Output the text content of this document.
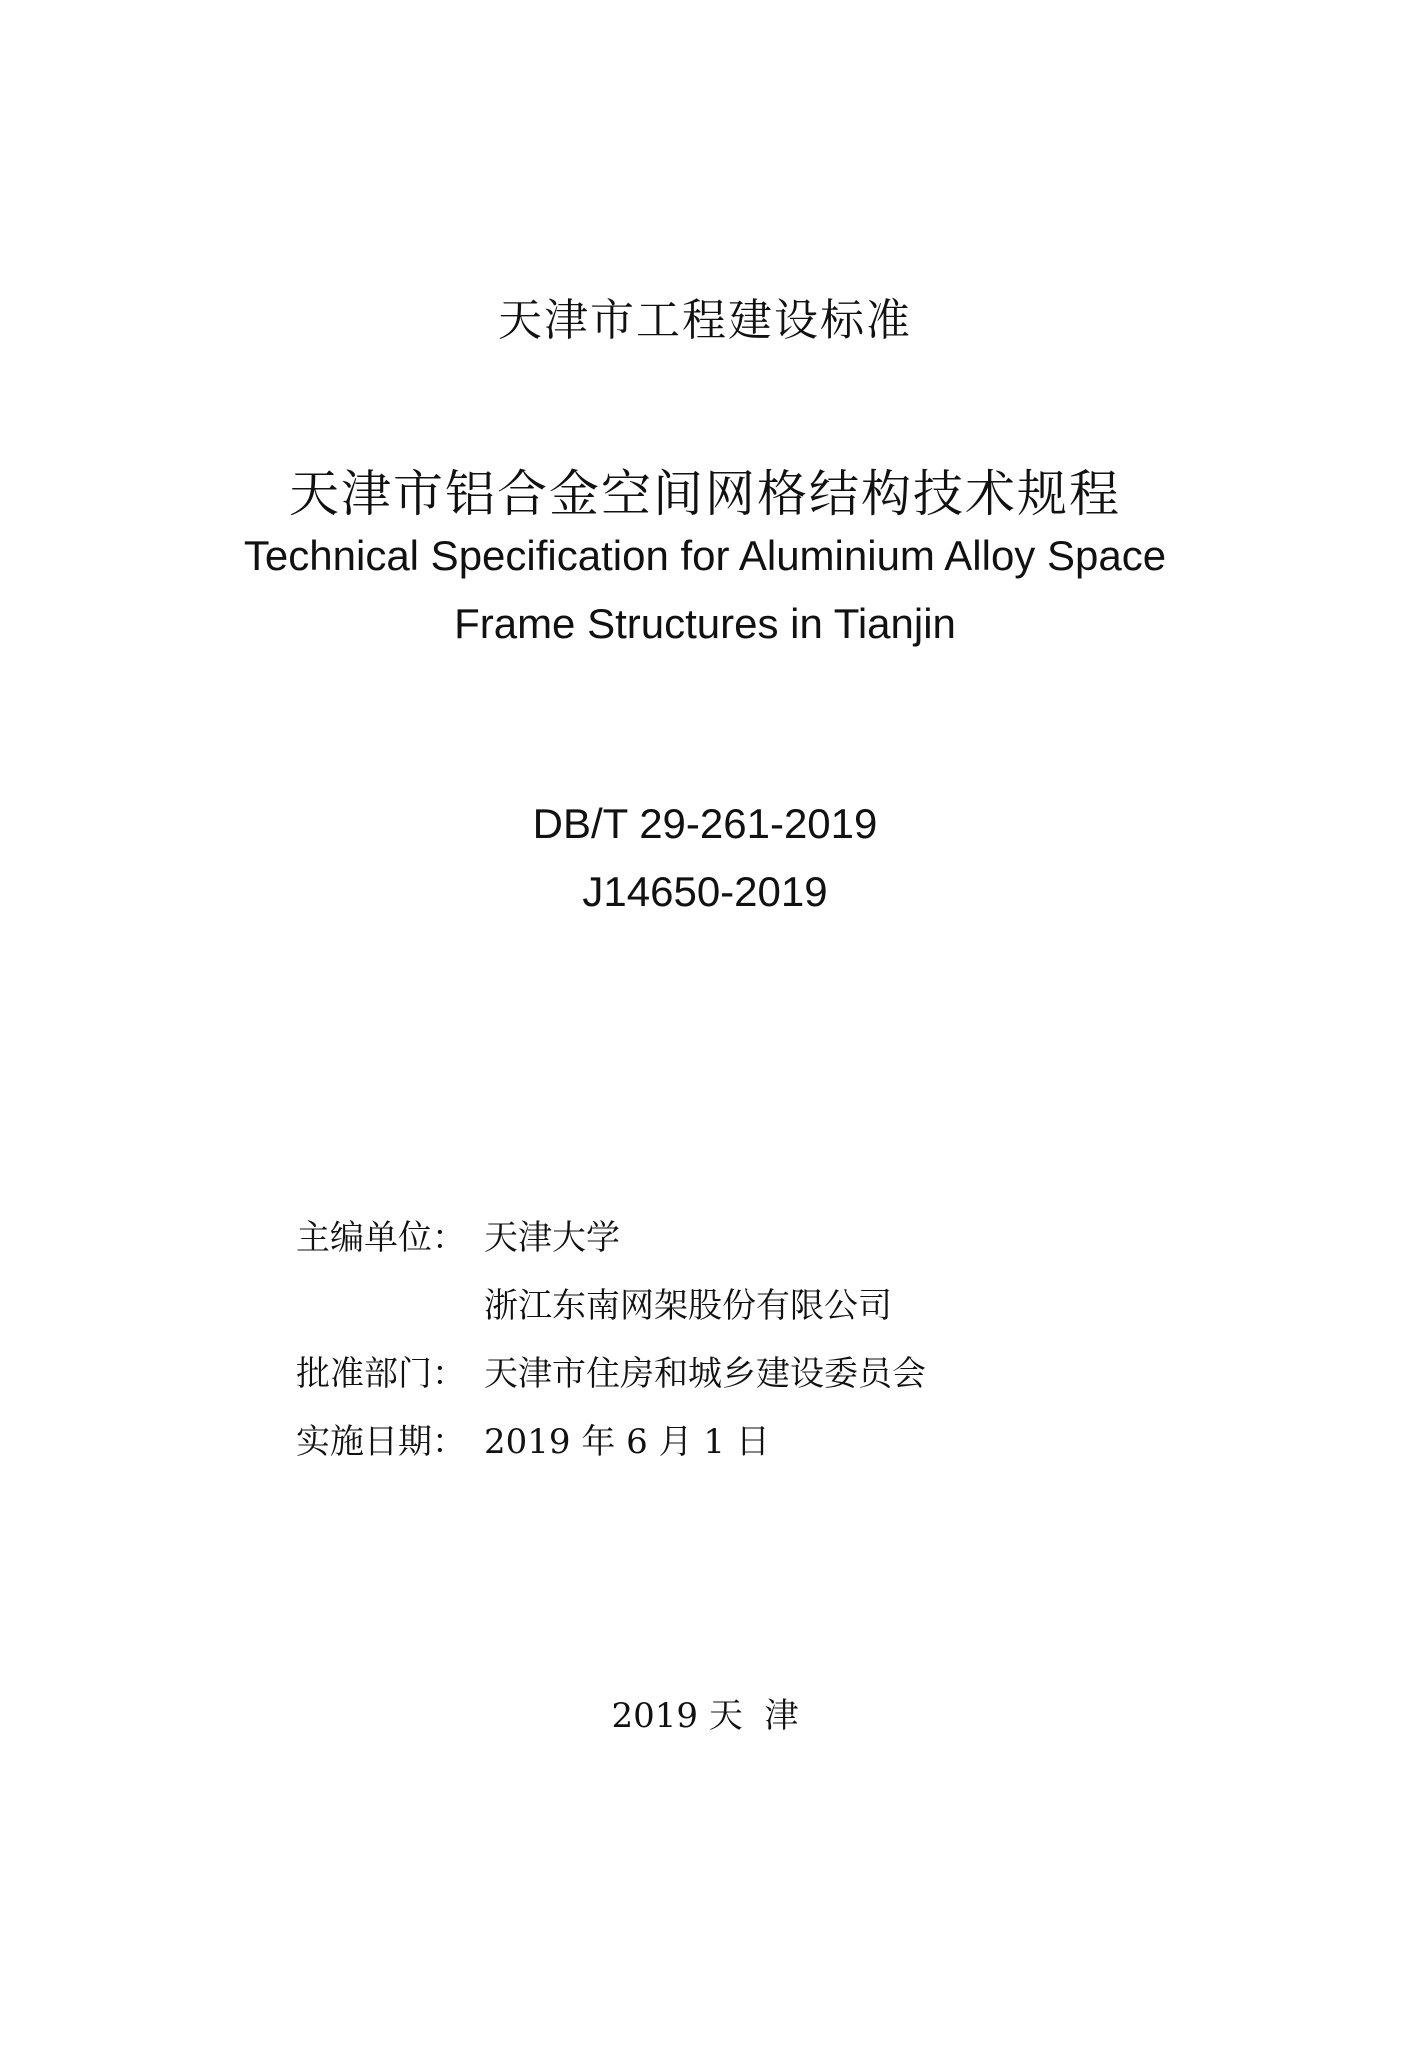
天津市工程建设标准
天津市铝合金空间网格结构技术规程
Technical Specification for Aluminium Alloy Space
Frame Structures in Tianjin
DB/T 29-261-2019
J14650-2019
主编单位： 天津大学
浙江东南网架股份有限公司
批准部门： 天津市住房和城乡建设委员会
实施日期： 2019 年 6 月 1 日
2019 天  津
